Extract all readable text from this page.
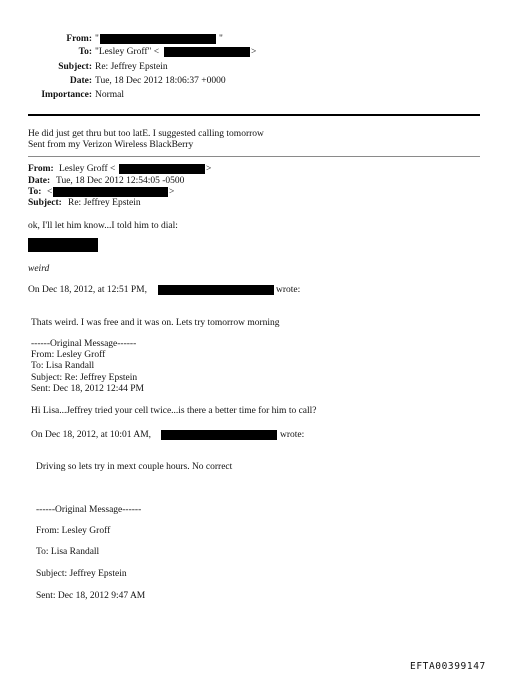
From: "	"
To: "Lesley Groff" <	>
Subject: Re: Jeffrey Epstein
Date: Tue, 18 Dec 2012 18:06:37 +0000
Importance: Normal
He did just get thru but too latE. I suggested calling tomorrow
Sent from my Verizon Wireless BlackBerry
From: Lesley Groff <	>
Date: Tue, 18 Dec 2012 12:54:05 -0500
To: <	>
Subject: Re: Jeffrey Epstein
ok, I'll let him know...I told him to dial:
weird
On Dec 18, 2012, at 12:51 PM,	wrote:
Thats weird. I was free and it was on. Lets try tomorrow morning
------Original Message------
From: Lesley Groff
To: Lisa Randall
Subject: Re: Jeffrey Epstein
Sent: Dec 18, 2012 12:44 PM
Hi Lisa...Jeffrey tried your cell twice...is there a better time for him to call?
On Dec 18, 2012, at 10:01 AM,	wrote:
Driving so lets try in mext couple hours. No correct
------Original Message------
From: Lesley Groff
To: Lisa Randall
Subject: Jeffrey Epstein
Sent: Dec 18, 2012 9:47 AM
EFTA00399147
